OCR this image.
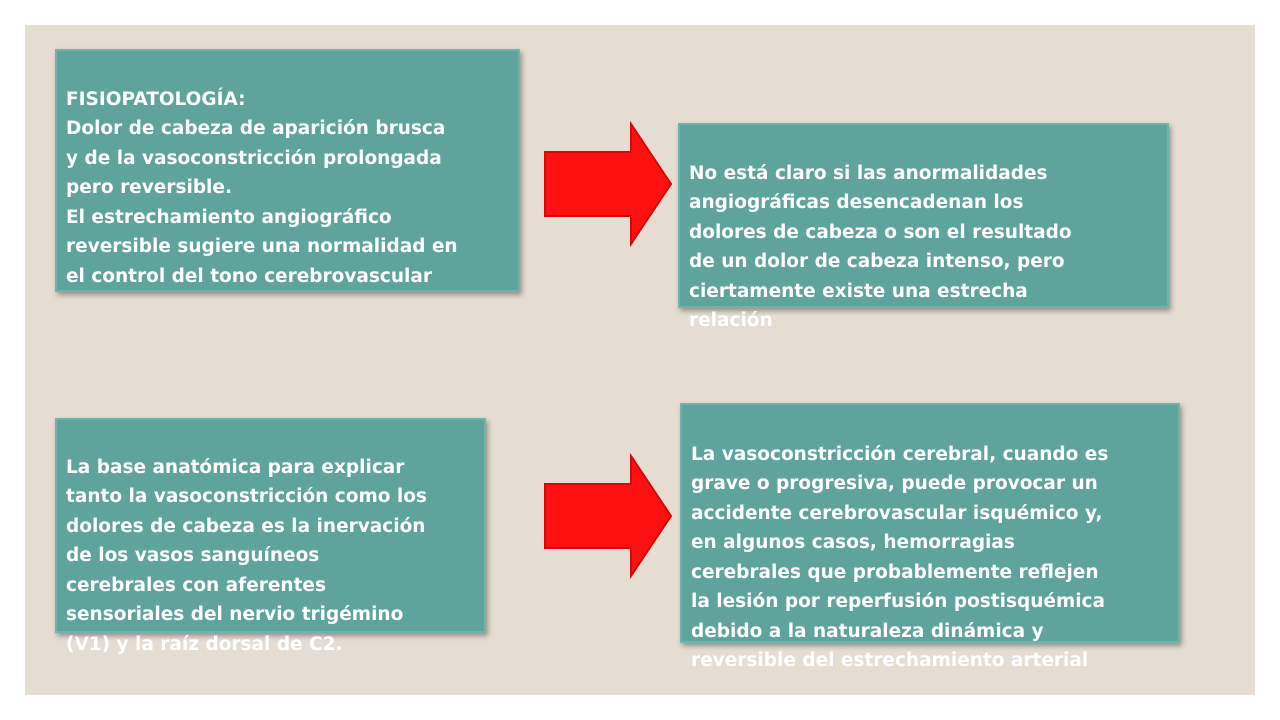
FISIOPATOLOGÍA:
Dolor de cabeza de aparición brusca
y de la vasoconstricción prolongada
pero reversible.
El estrechamiento angiográfico
reversible sugiere una normalidad en
el control del tono cerebrovascular

No está claro si las anormalidades
angiográficas desencadenan los
dolores de cabeza o son el resultado
de un dolor de cabeza intenso, pero
ciertamente existe una estrecha
relación

La base anatómica para explicar
tanto la vasoconstricción como los
dolores de cabeza es la inervación
de los vasos sanguíneos
cerebrales con aferentes
sensoriales del nervio trigémino
(V1) y la raíz dorsal de C2.

La vasoconstricción cerebral, cuando es
grave o progresiva, puede provocar un
accidente cerebrovascular isquémico y,
en algunos casos, hemorragias
cerebrales que probablemente reflejen
la lesión por reperfusión postisquémica
debido a la naturaleza dinámica y
reversible del estrechamiento arterial
